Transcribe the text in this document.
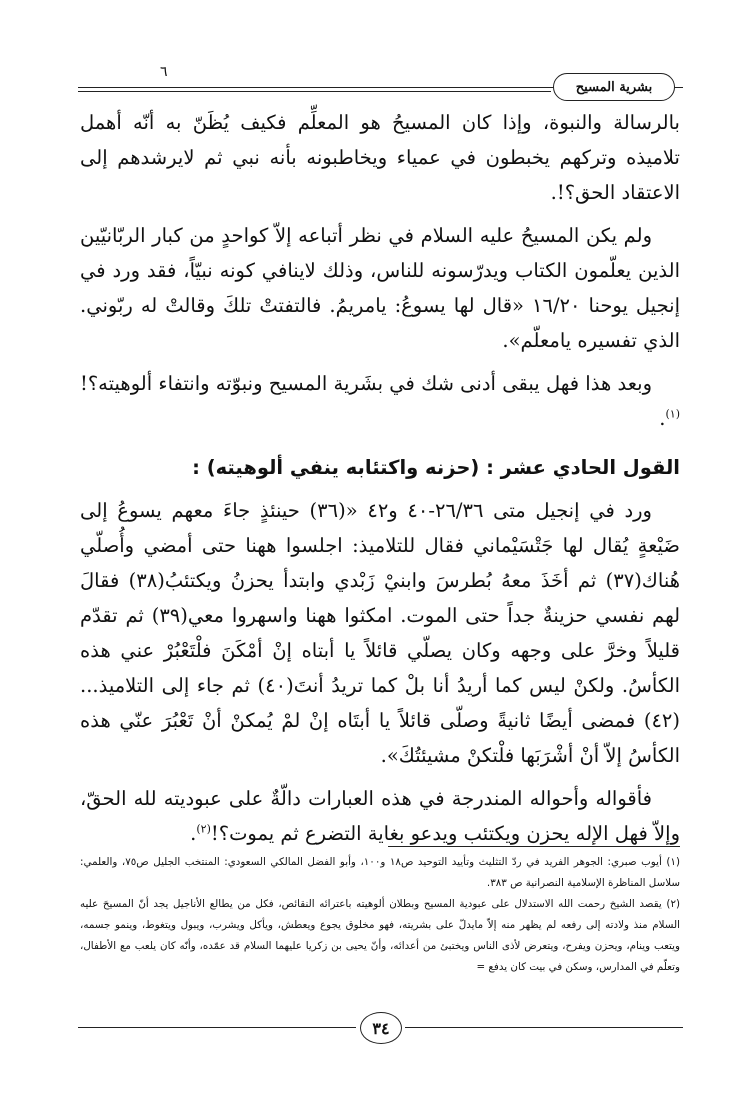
٦
بشرية المسيح

بالرسالة والنبوة، وإذا كان المسيحُ هو المعلِّم فكيف يُظَنّ به أنّه أهمل تلاميذه وتركهم يخبطون في عمياء ويخاطبونه بأنه نبي ثم لايرشدهم إلى الاعتقاد الحق؟!.

ولم يكن المسيحُ عليه السلام في نظر أتباعه إلاّ كواحدٍ من كبار الربّانيّين الذين يعلّمون الكتاب ويدرّسونه للناس، وذلك لاينافي كونه نبيّاً، فقد ورد في إنجيل يوحنا ١٦/٢٠ «قال لها يسوعُ: يامريمُ. فالتفتتْ تلكَ وقالتْ له ربّوني. الذي تفسيره يامعلّم».

وبعد هذا فهل يبقى أدنى شك في بشَرية المسيح ونبوّته وانتفاء ألوهيته؟!$^{(١)}$.

القول الحادي عشر : (حزنه واكتئابه ينفي ألوهيته) :

ورد في إنجيل متى ٢٦/٣٦-٤٠ و٤٢ «(٣٦) حينئذٍ جاءَ معهم يسوعُ إلى ضَيْعةٍ يُقال لها جَتْسَيْماني فقال للتلاميذ: اجلسوا ههنا حتى أمضي وأُصلّي هُناك(٣٧) ثم أخَذَ معهُ بُطرسَ وابنيْ زَبْدي وابتدأ يحزنُ ويكتئبُ(٣٨) فقالَ لهم نفسي حزينةٌ جداً حتى الموت. امكثوا ههنا واسهروا معي(٣٩) ثم تقدّم قليلاً وخرَّ على وجهه وكان يصلّي قائلاً يا أبتاه إنْ أمْكَنَ فلْتَعْبُرْ عني هذه الكأسُ. ولكنْ ليس كما أريدُ أنا بلْ كما تريدُ أنتَ(٤٠) ثم جاء إلى التلاميذ...(٤٢) فمضى أيضًا ثانيةً وصلّى قائلاً يا أبتَاه إنْ لمْ يُمكنْ أنْ تَعْبُرَ عنّي هذه الكأسُ إلاّ أنْ أشْرَبَها فلْتكنْ مشيئتُكَ».

فأقواله وأحواله المندرجة في هذه العبارات دالّةٌ على عبوديته لله الحقّ، وإلاّ فهل الإله يحزن ويكتئب ويدعو بغاية التضرع ثم يموت؟!$^{(٢)}$.

(١) أيوب صبري: الجوهر الفريد في ردّ التثليث وتأييد التوحيد ص١٨ و١٠٠، وأبو الفضل المالكي السعودي: المنتخب الجليل ص٧٥، والعلمي: سلاسل المناظرة الإسلامية النصرانية ص ٣٨٣.

(٢) يقصد الشيخ رحمت الله الاستدلال على عبودية المسيح وبطلان ألوهيته باعترائه النقائص، فكل من يطالع الأناجيل يجد أنّ المسيحَ عليه السلام منذ ولادته إلى رفعه لم يظهر منه إلاّ مايدلّ على بشريته، فهو مخلوق يجوع ويعطش، ويأكل ويشرب، ويبول ويتغوط، وينمو جسمه، ويتعب وينام، ويحزن ويفرح، ويتعرض لأذى الناس ويختبئ من أعدائه، وأنّ يحيى بن زكريا عليهما السلام قد عمّده، وأنّه كان يلعب مع الأطفال، وتعلّم في المدارس، وسكن في بيت كان يدفع =

٣٤
